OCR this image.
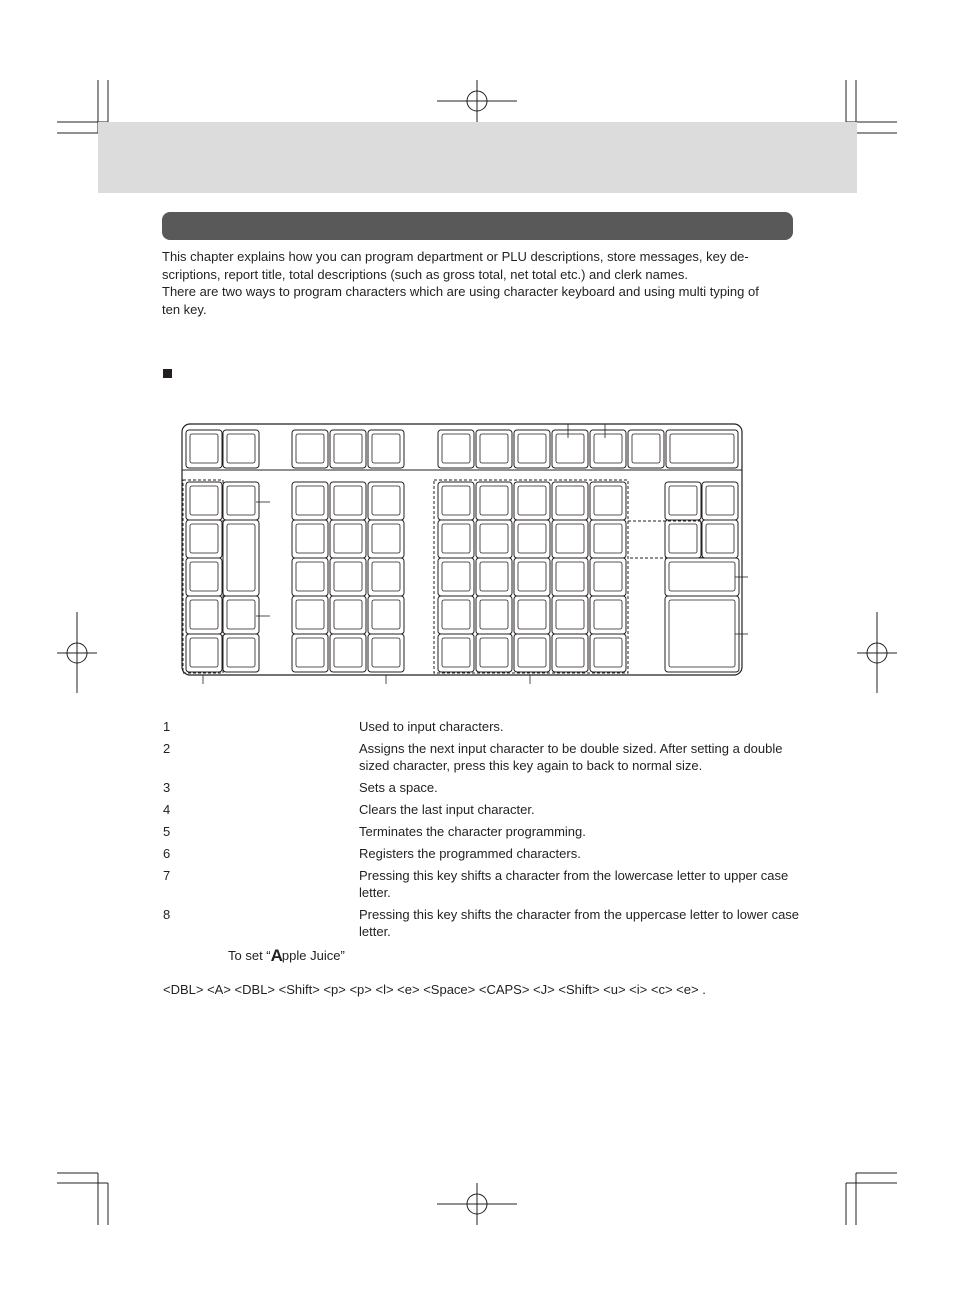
This chapter explains how you can program department or PLU descriptions, store messages, key de-

scriptions, report title, total descriptions (such as gross total, net total etc.) and clerk names.

There are two ways to program characters which are using character keyboard and using multi typing of

ten key.

1	Used to input characters.
2	Assigns the next input character to be double sized. After setting a double sized character, press this key again to back to normal size.
3	Sets a space.
4	Clears the last input character.
5	Terminates the character programming.
6	Registers the programmed characters.
7	Pressing this key shifts a character from the lowercase letter to upper case letter.
8	Pressing this key shifts the character from the uppercase letter to lower case letter.
To set “Apple Juice”
<DBL> <A> <DBL> <Shift> <p> <p> <l> <e> <Space> <CAPS> <J> <Shift> <u> <i> <c> <e> .
